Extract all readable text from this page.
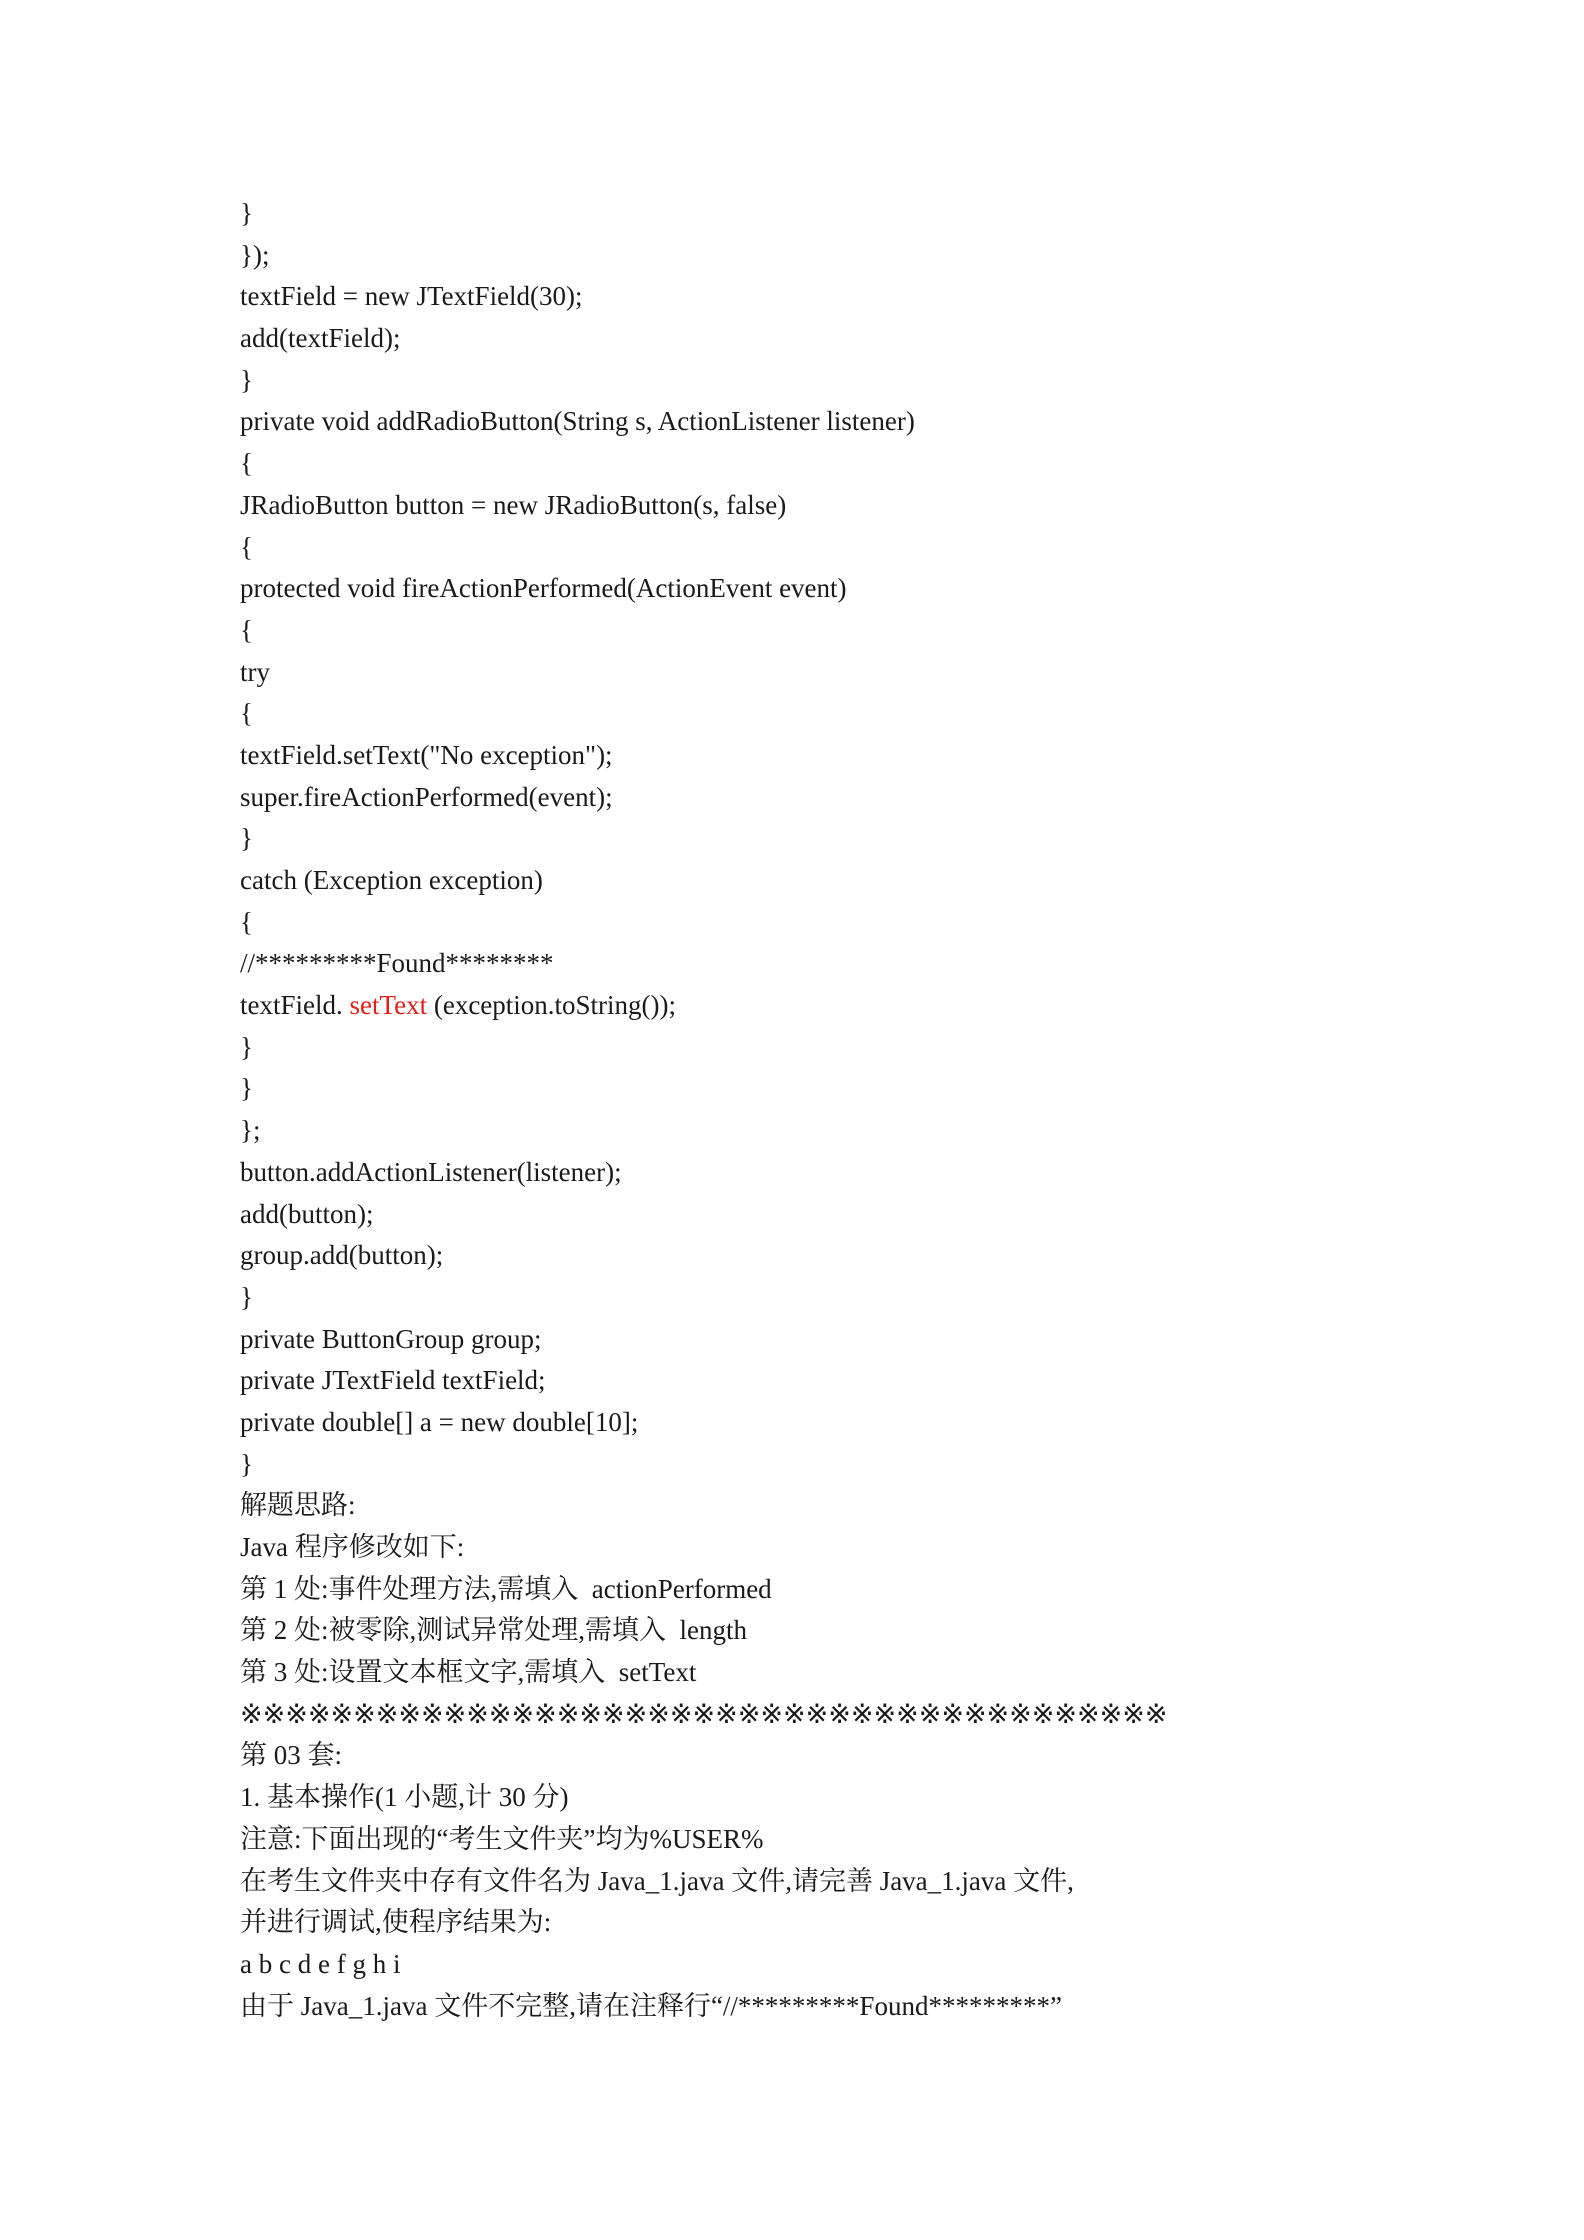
}
});
textField = new JTextField(30);
add(textField);
}
private void addRadioButton(String s, ActionListener listener)
{
JRadioButton button = new JRadioButton(s, false)
{
protected void fireActionPerformed(ActionEvent event)
{
try
{
textField.setText("No exception");
super.fireActionPerformed(event);
}
catch (Exception exception)
{
//*********Found********
textField. setText (exception.toString());
}
}
};
button.addActionListener(listener);
add(button);
group.add(button);
}
private ButtonGroup group;
private JTextField textField;
private double[] a = new double[10];
}
解题思路:
Java 程序修改如下:
第 1 处:事件处理方法,需填入  actionPerformed
第 2 处:被零除,测试异常处理,需填入  length
第 3 处:设置文本框文字,需填入  setText
※※※※※※※※※※※※※※※※※※※※※※※※※※※※※※※※※※※※※※※※※
第 03 套:
1. 基本操作(1 小题,计 30 分)
注意:下面出现的“考生文件夹”均为%USER%
在考生文件夹中存有文件名为 Java_1.java 文件,请完善 Java_1.java 文件,
并进行调试,使程序结果为:
a b c d e f g h i
由于 Java_1.java 文件不完整,请在注释行“//*********Found*********”
